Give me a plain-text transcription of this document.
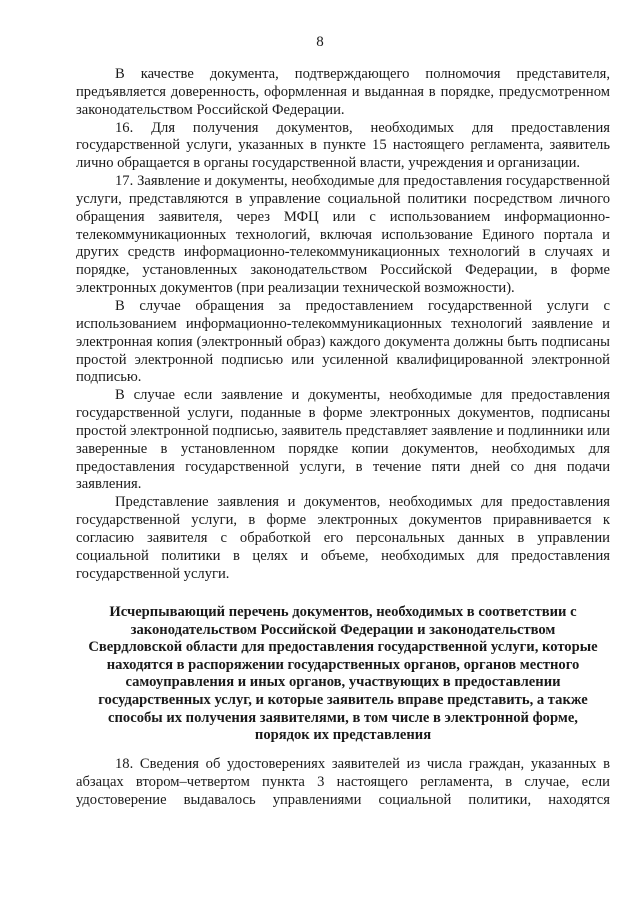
8

В качестве документа, подтверждающего полномочия представителя, предъявляется доверенность, оформленная и выданная в порядке, предусмотренном законодательством Российской Федерации.

16. Для получения документов, необходимых для предоставления государственной услуги, указанных в пункте 15 настоящего регламента, заявитель лично обращается в органы государственной власти, учреждения и организации.

17. Заявление и документы, необходимые для предоставления государственной услуги, представляются в управление социальной политики посредством личного обращения заявителя, через МФЦ или с использованием информационно-телекоммуникационных технологий, включая использование Единого портала и других средств информационно-телекоммуникационных технологий в случаях и порядке, установленных законодательством Российской Федерации, в форме электронных документов (при реализации технической возможности).

В случае обращения за предоставлением государственной услуги с использованием информационно-телекоммуникационных технологий заявление и электронная копия (электронный образ) каждого документа должны быть подписаны простой электронной подписью или усиленной квалифицированной электронной подписью.

В случае если заявление и документы, необходимые для предоставления государственной услуги, поданные в форме электронных документов, подписаны простой электронной подписью, заявитель представляет заявление и подлинники или заверенные в установленном порядке копии документов, необходимых для предоставления государственной услуги, в течение пяти дней со дня подачи заявления.

Представление заявления и документов, необходимых для предоставления государственной услуги, в форме электронных документов приравнивается к согласию заявителя с обработкой его персональных данных в управлении социальной политики в целях и объеме, необходимых для предоставления государственной услуги.

Исчерпывающий перечень документов, необходимых в соответствии с законодательством Российской Федерации и законодательством Свердловской области для предоставления государственной услуги, которые находятся в распоряжении государственных органов, органов местного самоуправления и иных органов, участвующих в предоставлении государственных услуг, и которые заявитель вправе представить, а также способы их получения заявителями, в том числе в электронной форме, порядок их представления

18. Сведения об удостоверениях заявителей из числа граждан, указанных в абзацах втором–четвертом пункта 3 настоящего регламента, в случае, если удостоверение выдавалось управлениями социальной политики, находятся
